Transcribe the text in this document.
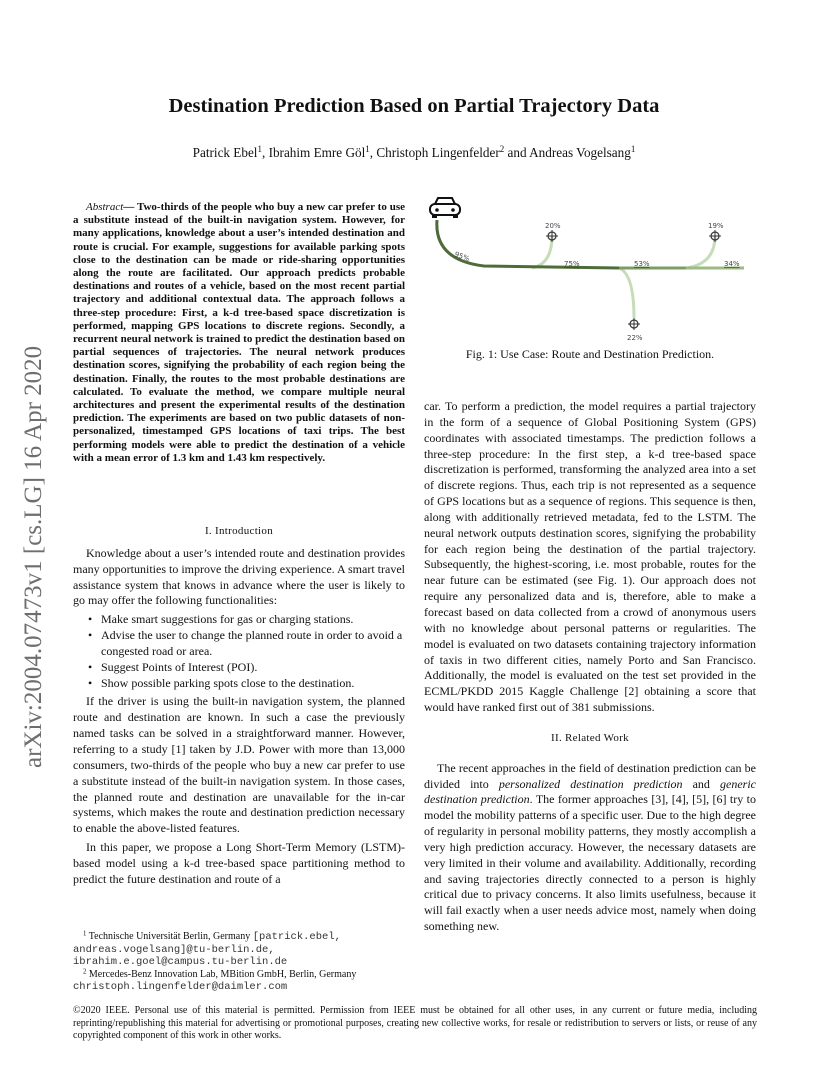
arXiv:2004.07473v1 [cs.LG] 16 Apr 2020
Destination Prediction Based on Partial Trajectory Data
Patrick Ebel$^1$, Ibrahim Emre Göl$^1$, Christoph Lingenfelder$^2$ and Andreas Vogelsang$^1$

Abstract— Two-thirds of the people who buy a new car prefer to use a substitute instead of the built-in navigation system. However, for many applications, knowledge about a user’s intended destination and route is crucial. For example, suggestions for available parking spots close to the destination can be made or ride-sharing opportunities along the route are facilitated. Our approach predicts probable destinations and routes of a vehicle, based on the most recent partial trajectory and additional contextual data. The approach follows a three-step procedure: First, a k-d tree-based space discretization is performed, mapping GPS locations to discrete regions. Secondly, a recurrent neural network is trained to predict the destination based on partial sequences of trajectories. The neural network produces destination scores, signifying the probability of each region being the destination. Finally, the routes to the most probable destinations are calculated. To evaluate the method, we compare multiple neural architectures and present the experimental results of the destination prediction. The experiments are based on two public datasets of non-personalized, timestamped GPS locations of taxi trips. The best performing models were able to predict the destination of a vehicle with a mean error of 1.3 km and 1.43 km respectively.

I. Introduction

Knowledge about a user’s intended route and destination provides many opportunities to improve the driving experience. A smart travel assistance system that knows in advance where the user is likely to go may offer the following functionalities:

• Make smart suggestions for gas or charging stations.
• Advise the user to change the planned route in order to avoid a congested road or area.
• Suggest Points of Interest (POI).
• Show possible parking spots close to the destination.

If the driver is using the built-in navigation system, the planned route and destination are known. In such a case the previously named tasks can be solved in a straightforward manner. However, referring to a study [1] taken by J.D. Power with more than 13,000 consumers, two-thirds of the people who buy a new car prefer to use a substitute instead of the built-in navigation system. In those cases, the planned route and destination are unavailable for the in-car systems, which makes the route and destination prediction necessary to enable the above-listed features.

In this paper, we propose a Long Short-Term Memory (LSTM)-based model using a k-d tree-based space partitioning method to predict the future destination and route of a

$^1$ Technische Universität Berlin, Germany [patrick.ebel,
andreas.vogelsang]@tu-berlin.de,
ibrahim.e.goel@campus.tu-berlin.de
$^2$ Mercedes-Benz Innovation Lab, MBition GmbH, Berlin, Germany
christoph.lingenfelder@daimler.com
95%
75%	53%	34%
20%	19%
22%
Fig. 1: Use Case: Route and Destination Prediction.

car. To perform a prediction, the model requires a partial trajectory in the form of a sequence of Global Positioning System (GPS) coordinates with associated timestamps. The prediction follows a three-step procedure: In the first step, a k-d tree-based space discretization is performed, transforming the analyzed area into a set of discrete regions. Thus, each trip is not represented as a sequence of GPS locations but as a sequence of regions. This sequence is then, along with additionally retrieved metadata, fed to the LSTM. The neural network outputs destination scores, signifying the probability for each region being the destination of the partial trajectory. Subsequently, the highest-scoring, i.e. most probable, routes for the near future can be estimated (see Fig. 1). Our approach does not require any personalized data and is, therefore, able to make a forecast based on data collected from a crowd of anonymous users with no knowledge about personal patterns or regularities. The model is evaluated on two datasets containing trajectory information of taxis in two different cities, namely Porto and San Francisco. Additionally, the model is evaluated on the test set provided in the ECML/PKDD 2015 Kaggle Challenge [2] obtaining a score that would have ranked first out of 381 submissions.

II. Related Work

The recent approaches in the field of destination prediction can be divided into personalized destination prediction and generic destination prediction. The former approaches [3], [4], [5], [6] try to model the mobility patterns of a specific user. Due to the high degree of regularity in personal mobility patterns, they mostly accomplish a very high prediction accuracy. However, the necessary datasets are very limited in their volume and availability. Additionally, recording and saving trajectories directly connected to a person is highly critical due to privacy concerns. It also limits usefulness, because it will fail exactly when a user needs advice most, namely when doing something new.

©2020 IEEE. Personal use of this material is permitted. Permission from IEEE must be obtained for all other uses, in any current or future media, including reprinting/republishing this material for advertising or promotional purposes, creating new collective works, for resale or redistribution to servers or lists, or reuse of any copyrighted component of this work in other works.
